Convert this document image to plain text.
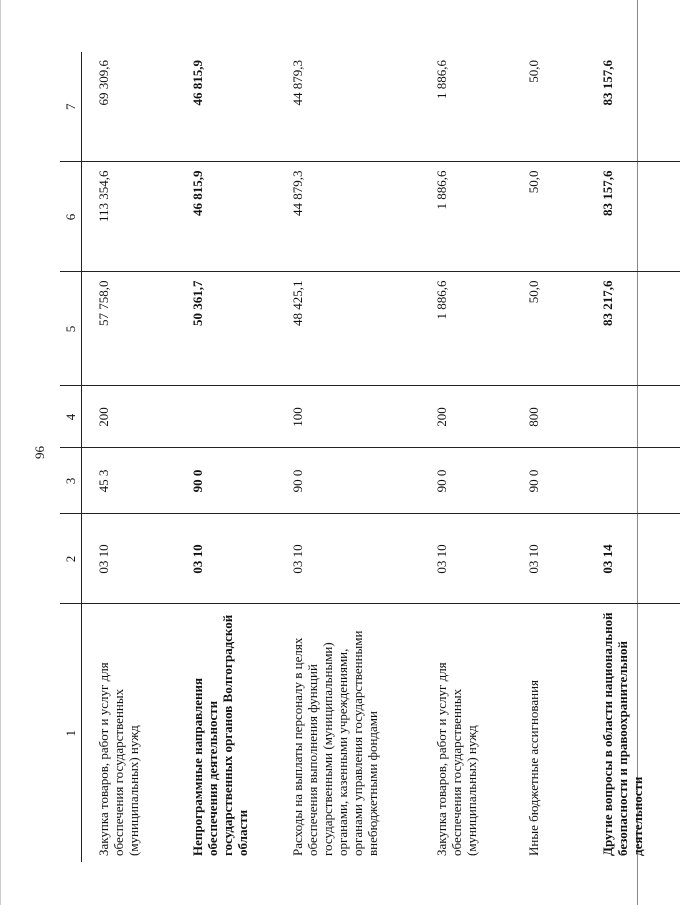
96
1	2	3	4	5	6	7
Закупка товаров, работ и услуг для обеспечения государственных (муниципальных) нужд	03 10	45 3	200	57 758,0	113 354,6	69 309,6
Непрограммные направления обеспечения деятельности государственных органов Волгоградской области	03 10	90 0		50 361,7	46 815,9	46 815,9
Расходы на выплаты персоналу в целях обеспечения выполнения функций государственными (муниципальными) органами, казенными учреждениями, органами управления государственными внебюджетными фондами	03 10	90 0	100	48 425,1	44 879,3	44 879,3
Закупка товаров, работ и услуг для обеспечения государственных (муниципальных) нужд	03 10	90 0	200	1 886,6	1 886,6	1 886,6
Иные бюджетные ассигнования	03 10	90 0	800	50,0	50,0	50,0
Другие вопросы в области национальной безопасности и правоохранительной деятельности	03 14			83 217,6	83 157,6	83 157,6
